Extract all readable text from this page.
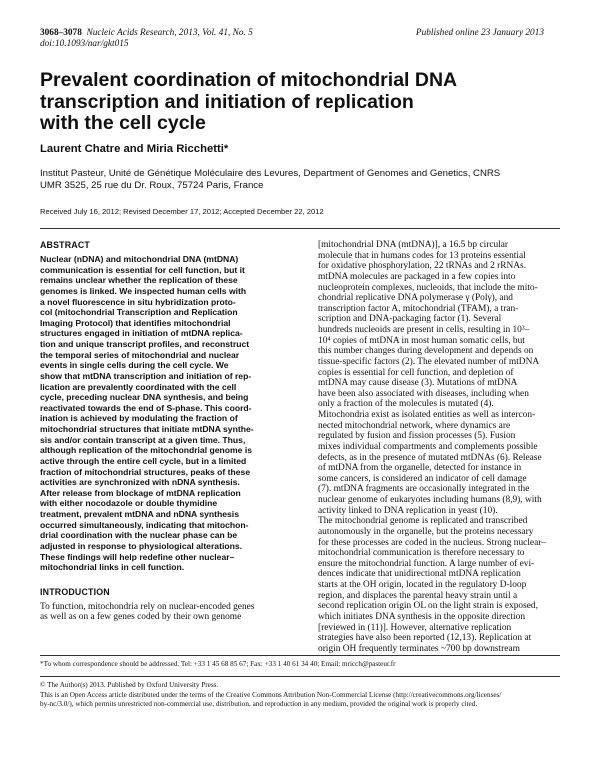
3068–3078 Nucleic Acids Research, 2013, Vol. 41, No. 5
doi:10.1093/nar/gkt015
Published online 23 January 2013
Prevalent coordination of mitochondrial DNA
transcription and initiation of replication
with the cell cycle
Laurent Chatre and Miria Ricchetti*
Institut Pasteur, Unité de Génétique Moléculaire des Levures, Department of Genomes and Genetics, CNRS
UMR 3525, 25 rue du Dr. Roux, 75724 Paris, France
Received July 16, 2012; Revised December 17, 2012; Accepted December 22, 2012
ABSTRACT
Nuclear (nDNA) and mitochondrial DNA (mtDNA)
communication is essential for cell function, but it
remains unclear whether the replication of these
genomes is linked. We inspected human cells with
a novel fluorescence in situ hybridization proto-
col (mitochondrial Transcription and Replication
Imaging Protocol) that identifies mitochondrial
structures engaged in initiation of mtDNA replica-
tion and unique transcript profiles, and reconstruct
the temporal series of mitochondrial and nuclear
events in single cells during the cell cycle. We
show that mtDNA transcription and initiation of rep-
lication are prevalently coordinated with the cell
cycle, preceding nuclear DNA synthesis, and being
reactivated towards the end of S-phase. This coord-
ination is achieved by modulating the fraction of
mitochondrial structures that initiate mtDNA synthe-
sis and/or contain transcript at a given time. Thus,
although replication of the mitochondrial genome is
active through the entire cell cycle, but in a limited
fraction of mitochondrial structures, peaks of these
activities are synchronized with nDNA synthesis.
After release from blockage of mtDNA replication
with either nocodazole or double thymidine
treatment, prevalent mtDNA and nDNA synthesis
occurred simultaneously, indicating that mitochon-
drial coordination with the nuclear phase can be
adjusted in response to physiological alterations.
These findings will help redefine other nuclear–
mitochondrial links in cell function.
INTRODUCTION
To function, mitochondria rely on nuclear-encoded genes
as well as on a few genes coded by their own genome
[mitochondrial DNA (mtDNA)], a 16.5 bp circular
molecule that in humans codes for 13 proteins essential
for oxidative phosphorylation, 22 tRNAs and 2 rRNAs.
mtDNA molecules are packaged in a few copies into
nucleoprotein complexes, nucleoids, that include the mito-
chondrial replicative DNA polymerase γ (Polγ), and
transcription factor A, mitochondrial (TFAM), a tran-
scription and DNA-packaging factor (1). Several
hundreds nucleoids are present in cells, resulting in 10³–
10⁴ copies of mtDNA in most human somatic cells, but
this number changes during development and depends on
tissue-specific factors (2). The elevated number of mtDNA
copies is essential for cell function, and depletion of
mtDNA may cause disease (3). Mutations of mtDNA
have been also associated with diseases, including when
only a fraction of the molecules is mutated (4).
Mitochondria exist as isolated entities as well as intercon-
nected mitochondrial network, where dynamics are
regulated by fusion and fission processes (5). Fusion
mixes individual compartments and complements possible
defects, as in the presence of mutated mtDNAs (6). Release
of mtDNA from the organelle, detected for instance in
some cancers, is considered an indicator of cell damage
(7). mtDNA fragments are occasionally integrated in the
nuclear genome of eukaryotes including humans (8,9), with
activity linked to DNA replication in yeast (10).
The mitochondrial genome is replicated and transcribed
autonomously in the organelle, but the proteins necessary
for these processes are coded in the nucleus. Strong nuclear–
mitochondrial communication is therefore necessary to
ensure the mitochondrial function. A large number of evi-
dences indicate that unidirectional mtDNA replication
starts at the OH origin, located in the regulatory D-loop
region, and displaces the parental heavy strain until a
second replication origin OL on the light strain is exposed,
which initiates DNA synthesis in the opposite direction
[reviewed in (11)]. However, alternative replication
strategies have also been reported (12,13). Replication at
origin OH frequently terminates ~700 bp downstream
*To whom correspondence should be addressed. Tel: +33 1 45 68 85 67; Fax: +33 1 40 61 34 40; Email: mricch@pasteur.fr
© The Author(s) 2013. Published by Oxford University Press.
This is an Open Access article distributed under the terms of the Creative Commons Attribution Non-Commercial License (http://creativecommons.org/licenses/
by-nc/3.0/), which permits unrestricted non-commercial use, distribution, and reproduction in any medium, provided the original work is properly cited.
